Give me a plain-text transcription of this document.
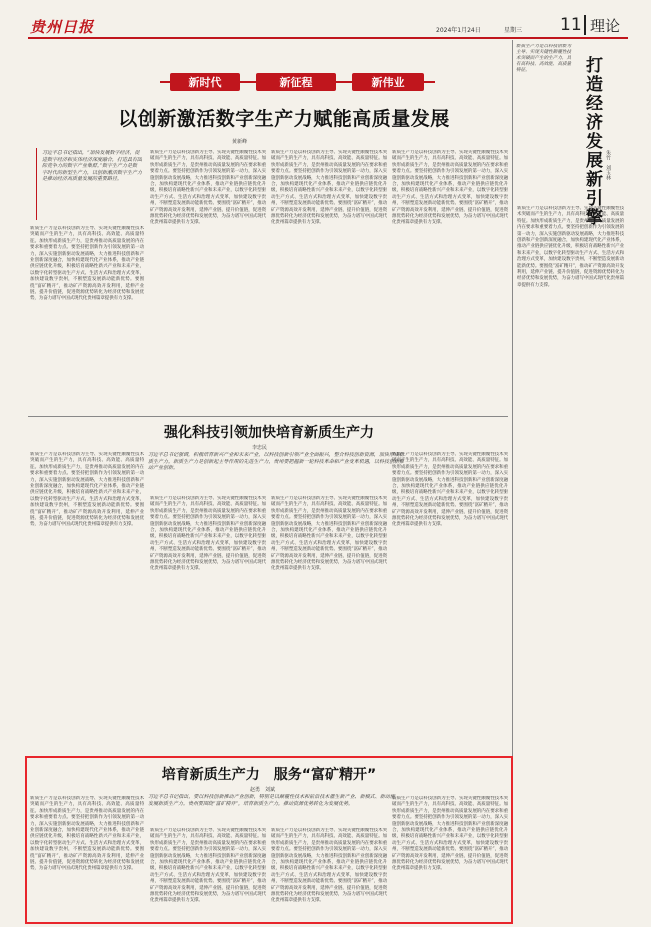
贵州日报	2024年1月24日	星期三 11 理论
新时代	新征程	新伟业
以创新激活数字生产力赋能高质量发展
黄新峰
习近平总书记指出，“加快发展数字经济，促进数字经济和实体经济深度融合，打造具有国际竞争力的数字产业集群。”数字生产力是数字时代的新型生产力，以创新激活数字生产力是推动经济高质量发展的重要路径。
新质生产力是以科技创新为主导、实现关键性颠覆性技术突破而产生的生产力，具有高科技、高效能、高质量特征。加快形成新质生产力，是贵州推动高质量发展的内在要求和重要着力点。要坚持把创新作为引领发展的第一动力，深入实施创新驱动发展战略，大力推进科技创新和产业创新深度融合，加快构建现代化产业体系，推动产业链供应链优化升级，积极培育战略性新兴产业和未来产业，以数字化转型驱动生产方式、生活方式和治理方式变革，加快建设数字贵州，不断塑造发展新动能新优势。要围绕“富矿精开”，推动矿产资源高效开发利用，延伸产业链、提升价值链，促进资源优势转化为经济优势和发展优势，为奋力谱写中国式现代化贵州篇章提供有力支撑。
新质生产力是以科技创新为主导、实现关键性颠覆性技术突破而产生的生产力，具有高科技、高效能、高质量特征。加快形成新质生产力，是贵州推动高质量发展的内在要求和重要着力点。要坚持把创新作为引领发展的第一动力，深入实施创新驱动发展战略，大力推进科技创新和产业创新深度融合，加快构建现代化产业体系，推动产业链供应链优化升级，积极培育战略性新兴产业和未来产业，以数字化转型驱动生产方式、生活方式和治理方式变革，加快建设数字贵州，不断塑造发展新动能新优势。要围绕“富矿精开”，推动矿产资源高效开发利用，延伸产业链、提升价值链，促进资源优势转化为经济优势和发展优势，为奋力谱写中国式现代化贵州篇章提供有力支撑。
新质生产力是以科技创新为主导、实现关键性颠覆性技术突破而产生的生产力，具有高科技、高效能、高质量特征。加快形成新质生产力，是贵州推动高质量发展的内在要求和重要着力点。要坚持把创新作为引领发展的第一动力，深入实施创新驱动发展战略，大力推进科技创新和产业创新深度融合，加快构建现代化产业体系，推动产业链供应链优化升级，积极培育战略性新兴产业和未来产业，以数字化转型驱动生产方式、生活方式和治理方式变革，加快建设数字贵州，不断塑造发展新动能新优势。要围绕“富矿精开”，推动矿产资源高效开发利用，延伸产业链、提升价值链，促进资源优势转化为经济优势和发展优势，为奋力谱写中国式现代化贵州篇章提供有力支撑。
新质生产力是以科技创新为主导、实现关键性颠覆性技术突破而产生的生产力，具有高科技、高效能、高质量特征。加快形成新质生产力，是贵州推动高质量发展的内在要求和重要着力点。要坚持把创新作为引领发展的第一动力，深入实施创新驱动发展战略，大力推进科技创新和产业创新深度融合，加快构建现代化产业体系，推动产业链供应链优化升级，积极培育战略性新兴产业和未来产业，以数字化转型驱动生产方式、生活方式和治理方式变革，加快建设数字贵州，不断塑造发展新动能新优势。要围绕“富矿精开”，推动矿产资源高效开发利用，延伸产业链、提升价值链，促进资源优势转化为经济优势和发展优势，为奋力谱写中国式现代化贵州篇章提供有力支撑。
新质生产力是以科技创新为主导、实现关键性颠覆性技术突破而产生的生产力，具有高科技、高效能、高质量特征。	打造经济发展新引擎 朱竹　刘玉林
新质生产力是以科技创新为主导、实现关键性颠覆性技术突破而产生的生产力，具有高科技、高效能、高质量特征。加快形成新质生产力，是贵州推动高质量发展的内在要求和重要着力点。要坚持把创新作为引领发展的第一动力，深入实施创新驱动发展战略，大力推进科技创新和产业创新深度融合，加快构建现代化产业体系，推动产业链供应链优化升级，积极培育战略性新兴产业和未来产业，以数字化转型驱动生产方式、生活方式和治理方式变革，加快建设数字贵州，不断塑造发展新动能新优势。要围绕“富矿精开”，推动矿产资源高效开发利用，延伸产业链、提升价值链，促进资源优势转化为经济优势和发展优势，为奋力谱写中国式现代化贵州篇章提供有力支撑。
强化科技引领加快培育新质生产力
李忠民
习近平总书记强调，积极培育新兴产业和未来产业，以科技创新引领产业全面振兴，整合科技创新资源，加快形成新质生产力。新质生产力是创新起主导作用的先进生产力，贵州要把握新一轮科技革命和产业变革机遇，以科技创新推动产业创新。
新质生产力是以科技创新为主导、实现关键性颠覆性技术突破而产生的生产力，具有高科技、高效能、高质量特征。加快形成新质生产力，是贵州推动高质量发展的内在要求和重要着力点。要坚持把创新作为引领发展的第一动力，深入实施创新驱动发展战略，大力推进科技创新和产业创新深度融合，加快构建现代化产业体系，推动产业链供应链优化升级，积极培育战略性新兴产业和未来产业，以数字化转型驱动生产方式、生活方式和治理方式变革，加快建设数字贵州，不断塑造发展新动能新优势。要围绕“富矿精开”，推动矿产资源高效开发利用，延伸产业链、提升价值链，促进资源优势转化为经济优势和发展优势，为奋力谱写中国式现代化贵州篇章提供有力支撑。
新质生产力是以科技创新为主导、实现关键性颠覆性技术突破而产生的生产力，具有高科技、高效能、高质量特征。加快形成新质生产力，是贵州推动高质量发展的内在要求和重要着力点。要坚持把创新作为引领发展的第一动力，深入实施创新驱动发展战略，大力推进科技创新和产业创新深度融合，加快构建现代化产业体系，推动产业链供应链优化升级，积极培育战略性新兴产业和未来产业，以数字化转型驱动生产方式、生活方式和治理方式变革，加快建设数字贵州，不断塑造发展新动能新优势。要围绕“富矿精开”，推动矿产资源高效开发利用，延伸产业链、提升价值链，促进资源优势转化为经济优势和发展优势，为奋力谱写中国式现代化贵州篇章提供有力支撑。
新质生产力是以科技创新为主导、实现关键性颠覆性技术突破而产生的生产力，具有高科技、高效能、高质量特征。加快形成新质生产力，是贵州推动高质量发展的内在要求和重要着力点。要坚持把创新作为引领发展的第一动力，深入实施创新驱动发展战略，大力推进科技创新和产业创新深度融合，加快构建现代化产业体系，推动产业链供应链优化升级，积极培育战略性新兴产业和未来产业，以数字化转型驱动生产方式、生活方式和治理方式变革，加快建设数字贵州，不断塑造发展新动能新优势。要围绕“富矿精开”，推动矿产资源高效开发利用，延伸产业链、提升价值链，促进资源优势转化为经济优势和发展优势，为奋力谱写中国式现代化贵州篇章提供有力支撑。
新质生产力是以科技创新为主导、实现关键性颠覆性技术突破而产生的生产力，具有高科技、高效能、高质量特征。加快形成新质生产力，是贵州推动高质量发展的内在要求和重要着力点。要坚持把创新作为引领发展的第一动力，深入实施创新驱动发展战略，大力推进科技创新和产业创新深度融合，加快构建现代化产业体系，推动产业链供应链优化升级，积极培育战略性新兴产业和未来产业，以数字化转型驱动生产方式、生活方式和治理方式变革，加快建设数字贵州，不断塑造发展新动能新优势。要围绕“富矿精开”，推动矿产资源高效开发利用，延伸产业链、提升价值链，促进资源优势转化为经济优势和发展优势，为奋力谱写中国式现代化贵州篇章提供有力支撑。
培育新质生产力　服务“富矿精开”
赵勇　刘斌
习近平总书记指出，要以科技创新推动产业创新，特别是以颠覆性技术和前沿技术催生新产业、新模式、新动能，发展新质生产力。贵州要围绕“富矿精开”，培育新质生产力，推动资源优势转化为发展优势。
新质生产力是以科技创新为主导、实现关键性颠覆性技术突破而产生的生产力，具有高科技、高效能、高质量特征。加快形成新质生产力，是贵州推动高质量发展的内在要求和重要着力点。要坚持把创新作为引领发展的第一动力，深入实施创新驱动发展战略，大力推进科技创新和产业创新深度融合，加快构建现代化产业体系，推动产业链供应链优化升级，积极培育战略性新兴产业和未来产业，以数字化转型驱动生产方式、生活方式和治理方式变革，加快建设数字贵州，不断塑造发展新动能新优势。要围绕“富矿精开”，推动矿产资源高效开发利用，延伸产业链、提升价值链，促进资源优势转化为经济优势和发展优势，为奋力谱写中国式现代化贵州篇章提供有力支撑。
新质生产力是以科技创新为主导、实现关键性颠覆性技术突破而产生的生产力，具有高科技、高效能、高质量特征。加快形成新质生产力，是贵州推动高质量发展的内在要求和重要着力点。要坚持把创新作为引领发展的第一动力，深入实施创新驱动发展战略，大力推进科技创新和产业创新深度融合，加快构建现代化产业体系，推动产业链供应链优化升级，积极培育战略性新兴产业和未来产业，以数字化转型驱动生产方式、生活方式和治理方式变革，加快建设数字贵州，不断塑造发展新动能新优势。要围绕“富矿精开”，推动矿产资源高效开发利用，延伸产业链、提升价值链，促进资源优势转化为经济优势和发展优势，为奋力谱写中国式现代化贵州篇章提供有力支撑。
新质生产力是以科技创新为主导、实现关键性颠覆性技术突破而产生的生产力，具有高科技、高效能、高质量特征。加快形成新质生产力，是贵州推动高质量发展的内在要求和重要着力点。要坚持把创新作为引领发展的第一动力，深入实施创新驱动发展战略，大力推进科技创新和产业创新深度融合，加快构建现代化产业体系，推动产业链供应链优化升级，积极培育战略性新兴产业和未来产业，以数字化转型驱动生产方式、生活方式和治理方式变革，加快建设数字贵州，不断塑造发展新动能新优势。要围绕“富矿精开”，推动矿产资源高效开发利用，延伸产业链、提升价值链，促进资源优势转化为经济优势和发展优势，为奋力谱写中国式现代化贵州篇章提供有力支撑。
新质生产力是以科技创新为主导、实现关键性颠覆性技术突破而产生的生产力，具有高科技、高效能、高质量特征。加快形成新质生产力，是贵州推动高质量发展的内在要求和重要着力点。要坚持把创新作为引领发展的第一动力，深入实施创新驱动发展战略，大力推进科技创新和产业创新深度融合，加快构建现代化产业体系，推动产业链供应链优化升级，积极培育战略性新兴产业和未来产业，以数字化转型驱动生产方式、生活方式和治理方式变革，加快建设数字贵州，不断塑造发展新动能新优势。要围绕“富矿精开”，推动矿产资源高效开发利用，延伸产业链、提升价值链，促进资源优势转化为经济优势和发展优势，为奋力谱写中国式现代化贵州篇章提供有力支撑。
